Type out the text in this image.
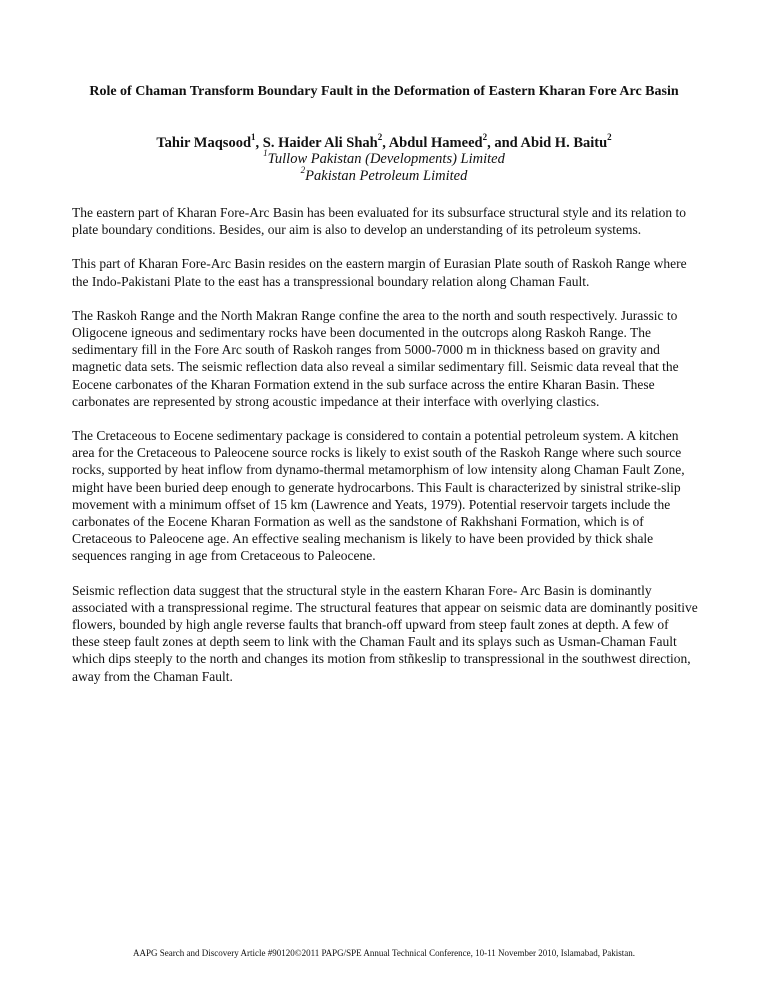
Role of Chaman Transform Boundary Fault in the Deformation of Eastern Kharan Fore Arc Basin
Tahir Maqsood$^1$, S. Haider Ali Shah$^2$, Abdul Hameed$^2$, and Abid H. Baitu$^2$
$^1$Tullow Pakistan (Developments) Limited
$^2$Pakistan Petroleum Limited

The eastern part of Kharan Fore-Arc Basin has been evaluated for its subsurface structural style and its relation to plate boundary conditions. Besides, our aim is also to develop an understanding of its petroleum systems.

This part of Kharan Fore-Arc Basin resides on the eastern margin of Eurasian Plate south of Raskoh Range where the Indo-Pakistani Plate to the east has a transpressional boundary relation along Chaman Fault.

The Raskoh Range and the North Makran Range confine the area to the north and south respectively. Jurassic to Oligocene igneous and sedimentary rocks have been documented in the outcrops along Raskoh Range. The sedimentary fill in the Fore Arc south of Raskoh ranges from 5000-7000 m in thickness based on gravity and magnetic data sets. The seismic reflection data also reveal a similar sedimentary fill. Seismic data reveal that the Eocene carbonates of the Kharan Formation extend in the sub surface across the entire Kharan Basin. These carbonates are represented by strong acoustic impedance at their interface with overlying clastics.

The Cretaceous to Eocene sedimentary package is considered to contain a potential petroleum system. A kitchen area for the Cretaceous to Paleocene source rocks is likely to exist south of the Raskoh Range where such source rocks, supported by heat inflow from dynamo-thermal metamorphism of low intensity along Chaman Fault Zone, might have been buried deep enough to generate hydrocarbons. This Fault is characterized by sinistral strike-slip movement with a minimum offset of 15 km (Lawrence and Yeats, 1979). Potential reservoir targets include the carbonates of the Eocene Kharan Formation as well as the sandstone of Rakhshani Formation, which is of Cretaceous to Paleocene age. An effective sealing mechanism is likely to have been provided by thick shale sequences ranging in age from Cretaceous to Paleocene.

Seismic reflection data suggest that the structural style in the eastern Kharan Fore- Arc Basin is dominantly associated with a transpressional regime. The structural features that appear on seismic data are dominantly positive flowers, bounded by high angle reverse faults that branch-off upward from steep fault zones at depth. A few of these steep fault zones at depth seem to link with the Chaman Fault and its splays such as Usman-Chaman Fault which dips steeply to the north and changes its motion from stñkeslip to transpressional in the southwest direction, away from the Chaman Fault.

AAPG Search and Discovery Article #90120©2011 PAPG/SPE Annual Technical Conference, 10-11 November 2010, Islamabad, Pakistan.
